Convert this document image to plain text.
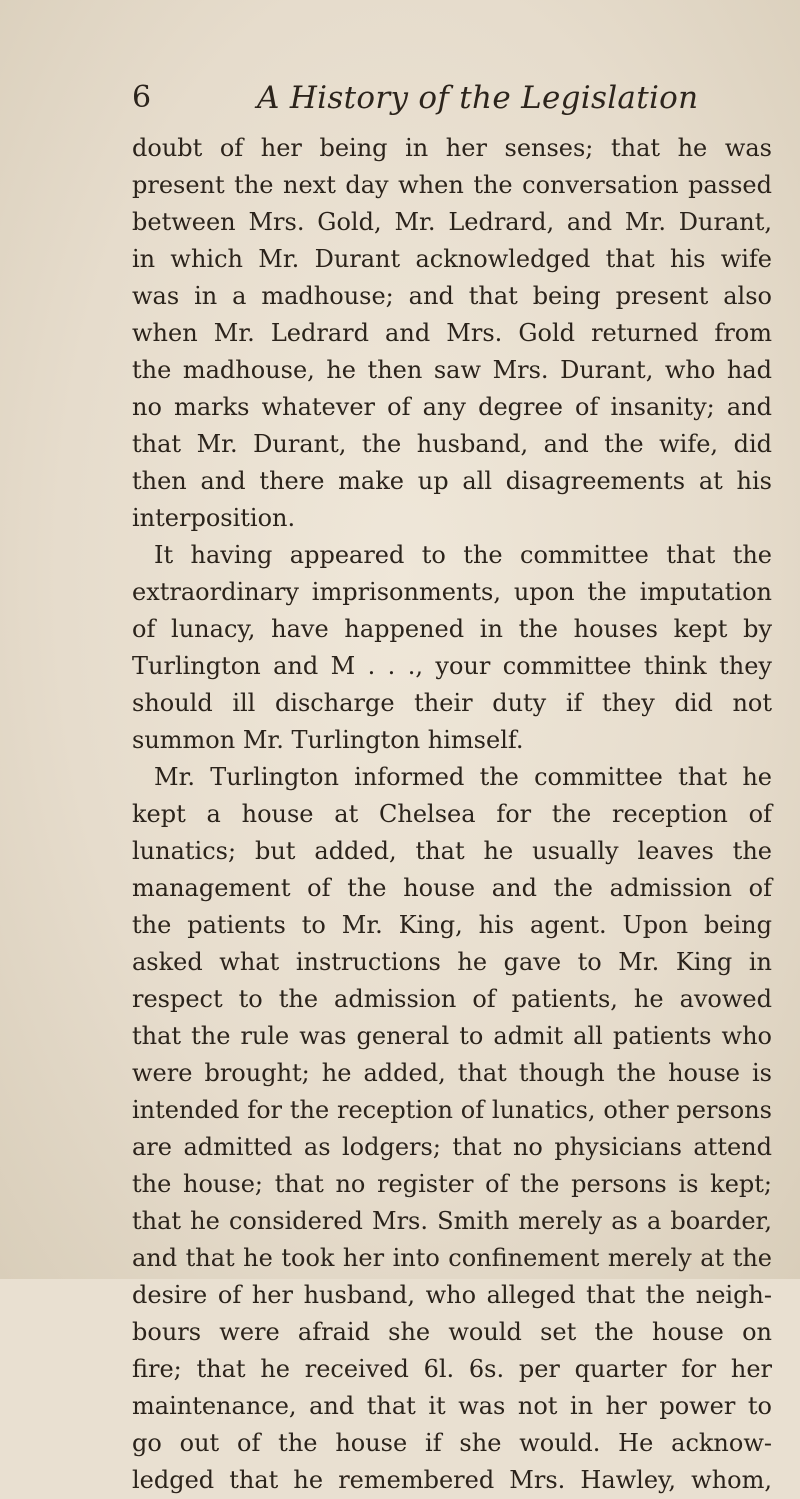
6	A History of the Legislation
doubt of her being in her senses; that he was
present the next day when the conversation passed
between Mrs. Gold, Mr. Ledrard, and Mr. Durant,
in which Mr. Durant acknowledged that his wife
was in a madhouse; and that being present also
when Mr. Ledrard and Mrs. Gold returned from
the madhouse, he then saw Mrs. Durant, who had
no marks whatever of any degree of insanity; and
that Mr. Durant, the husband, and the wife, did
then and there make up all disagreements at his
interposition.
It having appeared to the committee that the
extraordinary imprisonments, upon the imputation
of lunacy, have happened in the houses kept by
Turlington and M . . ., your committee think they
should ill discharge their duty if they did not
summon Mr. Turlington himself.
Mr. Turlington informed the committee that he
kept a house at Chelsea for the reception of
lunatics; but added, that he usually leaves the
management of the house and the admission of
the patients to Mr. King, his agent. Upon being
asked what instructions he gave to Mr. King in
respect to the admission of patients, he avowed
that the rule was general to admit all patients who
were brought; he added, that though the house is
intended for the reception of lunatics, other persons
are admitted as lodgers; that no physicians attend
the house; that no register of the persons is kept;
that he considered Mrs. Smith merely as a boarder,
and that he took her into confinement merely at the
desire of her husband, who alleged that the neigh-
bours were afraid she would set the house on
fire; that he received 6l. 6s. per quarter for her
maintenance, and that it was not in her power to
go out of the house if she would. He acknow-
ledged that he remembered Mrs. Hawley, whom,
